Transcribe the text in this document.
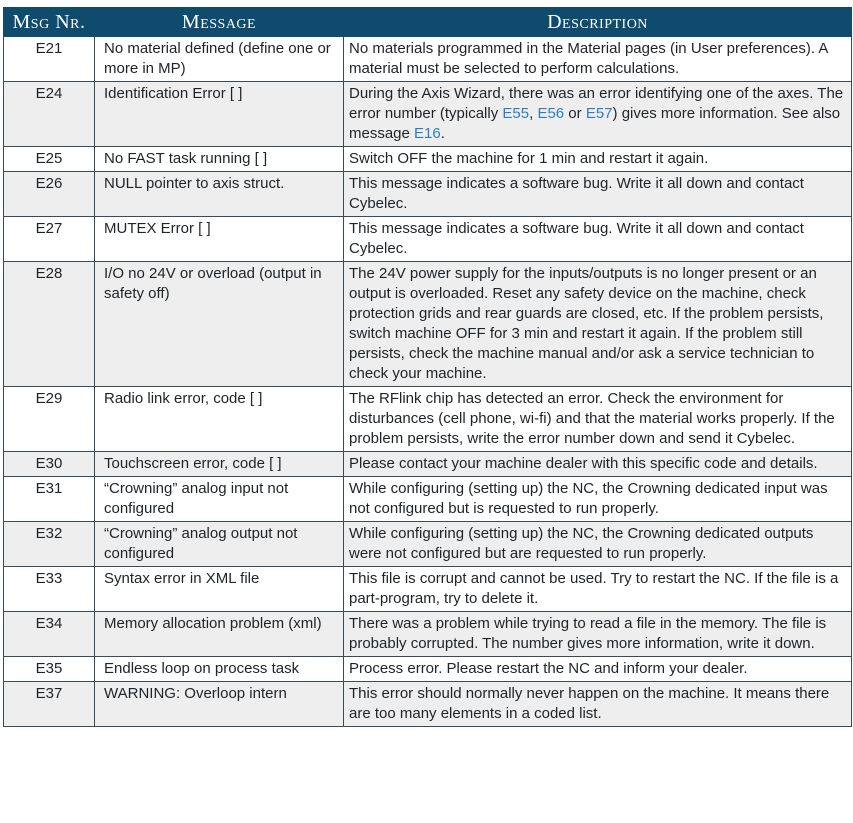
Msg Nr.	Message	Description
E21	No material defined (define one or more in MP)	No materials programmed in the Material pages (in User preferences). A material must be selected to perform calculations.
E24	Identification Error [ ]	During the Axis Wizard, there was an error identifying one of the axes. The error number (typically E55, E56 or E57) gives more information. See also message E16.
E25	No FAST task running [ ]	Switch OFF the machine for 1 min and restart it again.
E26	NULL pointer to axis struct.	This message indicates a software bug. Write it all down and contact Cybelec.
E27	MUTEX Error [ ]	This message indicates a software bug. Write it all down and contact Cybelec.
E28	I/O no 24V or overload (output in safety off)	The 24V power supply for the inputs/outputs is no longer present or an output is overloaded. Reset any safety device on the machine, check protection grids and rear guards are closed, etc. If the problem persists, switch machine OFF for 3 min and restart it again. If the problem still persists, check the machine manual and/or ask a service technician to check your machine.
E29	Radio link error, code [ ]	The RFlink chip has detected an error. Check the environment for disturbances (cell phone, wi-fi) and that the material works properly. If the problem persists, write the error number down and send it Cybelec.
E30	Touchscreen error, code [ ]	Please contact your machine dealer with this specific code and details.
E31	“Crowning” analog input not configured	While configuring (setting up) the NC, the Crowning dedicated input was not configured but is requested to run properly.
E32	“Crowning” analog output not configured	While configuring (setting up) the NC, the Crowning dedicated outputs were not configured but are requested to run properly.
E33	Syntax error in XML file	This file is corrupt and cannot be used. Try to restart the NC. If the file is a part-program, try to delete it.
E34	Memory allocation problem (xml)	There was a problem while trying to read a file in the memory. The file is probably corrupted. The number gives more information, write it down.
E35	Endless loop on process task	Process error. Please restart the NC and inform your dealer.
E37	WARNING: Overloop intern	This error should normally never happen on the machine. It means there are too many elements in a coded list.
